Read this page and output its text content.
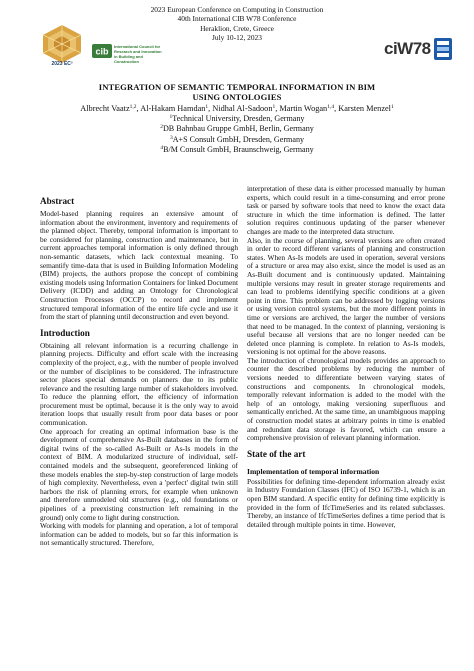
2023 EC³
cib International Council for Research and Innovation in Building and Construction
2023 European Conference on Computing in Construction
40th International CIB W78 Conference
Heraklion, Crete, Greece
July 10-12, 2023
ciW78
INTEGRATION OF SEMANTIC TEMPORAL INFORMATION IN BIM
USING ONTOLOGIES
Albrecht Vaatz$^{1,2}$, Al-Hakam Hamdan$^1$, Nidhal Al-Sadoon$^1$, Martin Wogan$^{1,4}$, Karsten Menzel$^1$
$^1$Technical University, Dresden, Germany
$^2$DB Bahnbau Gruppe GmbH, Berlin, Germany
$^3$A+S Consult GmbH, Dresden, Germany
$^4$B/M Consult GmbH, Braunschweig, Germany
Abstract

Model-based planning requires an extensive amount of information about the environment, inventory and requirements of the planned object. Thereby, temporal information is important to be considered for planning, construction and maintenance, but in current approaches temporal information is only defined through non-semantic datasets, which lack contextual meaning. To semantify time-data that is used in Building Information Modeling (BIM) projects, the authors propose the concept of combining existing models using Information Containers for linked Document Delivery (ICDD) and adding an Ontology for Chronological Construction Processes (OCCP) to record and implement structured temporal information of the entire life cycle and use it from the start of planning until deconstruction and even beyond.

Introduction

Obtaining all relevant information is a recurring challenge in planning projects. Difficulty and effort scale with the increasing complexity of the project, e.g., with the number of people involved or the number of disciplines to be considered. The infrastructure sector places special demands on planners due to its public relevance and the resulting large number of stakeholders involved. To reduce the planning effort, the efficiency of information procurement must be optimal, because it is the only way to avoid iteration loops that usually result from poor data bases or poor communication.

One approach for creating an optimal information base is the development of comprehensive As-Built databases in the form of digital twins of the so-called As-Built or As-Is models in the context of BIM. A modularized structure of individual, self-contained models and the subsequent, georeferenced linking of these models enables the step-by-step construction of large models of high complexity. Nevertheless, even a 'perfect' digital twin still harbors the risk of planning errors, for example when unknown and therefore unmodeled old structures (e.g., old foundations or pipelines of a preexisting construction left remaining in the ground) only come to light during construction.

Working with models for planning and operation, a lot of temporal information can be added to models, but so far this information is not semantically structured. Therefore,

interpretation of these data is either processed manually by human experts, which could result in a time-consuming and error prone task or parsed by software tools that need to know the exact data structure in which the time information is defined. The latter solution requires continuous updating of the parser whenever changes are made to the interpreted data structure.

Also, in the course of planning, several versions are often created in order to record different variants of planning and construction states. When As-Is models are used in operation, several versions of a structure or area may also exist, since the model is used as an As-Built document and is continuously updated. Maintaining multiple versions may result in greater storage requirements and can lead to problems identifying specific conditions at a given point in time. This problem can be addressed by logging versions or using version control systems, but the more different points in time or versions are archived, the larger the number of versions that need to be managed. In the context of planning, versioning is useful because all versions that are no longer needed can be deleted once planning is complete. In relation to As-Is models, versioning is not optimal for the above reasons.

The introduction of chronological models provides an approach to counter the described problems by reducing the number of versions needed to differentiate between varying states of constructions and components. In chronological models, temporally relevant information is added to the model with the help of an ontology, making versioning superfluous and semantically enriched. At the same time, an unambiguous mapping of construction model states at arbitrary points in time is enabled and redundant data storage is favored, which can ensure a comprehensive provision of relevant planning information.

State of the art
Implementation of temporal information

Possibilities for defining time-dependent information already exist in Industry Foundation Classes (IFC) of ISO 16739-1, which is an open BIM standard. A specific entity for defining time explicitly is provided in the form of IfcTimeSeries and its related subclasses. Thereby, an instance of IfcTimeSeries defines a time period that is detailed through multiple points in time. However,
